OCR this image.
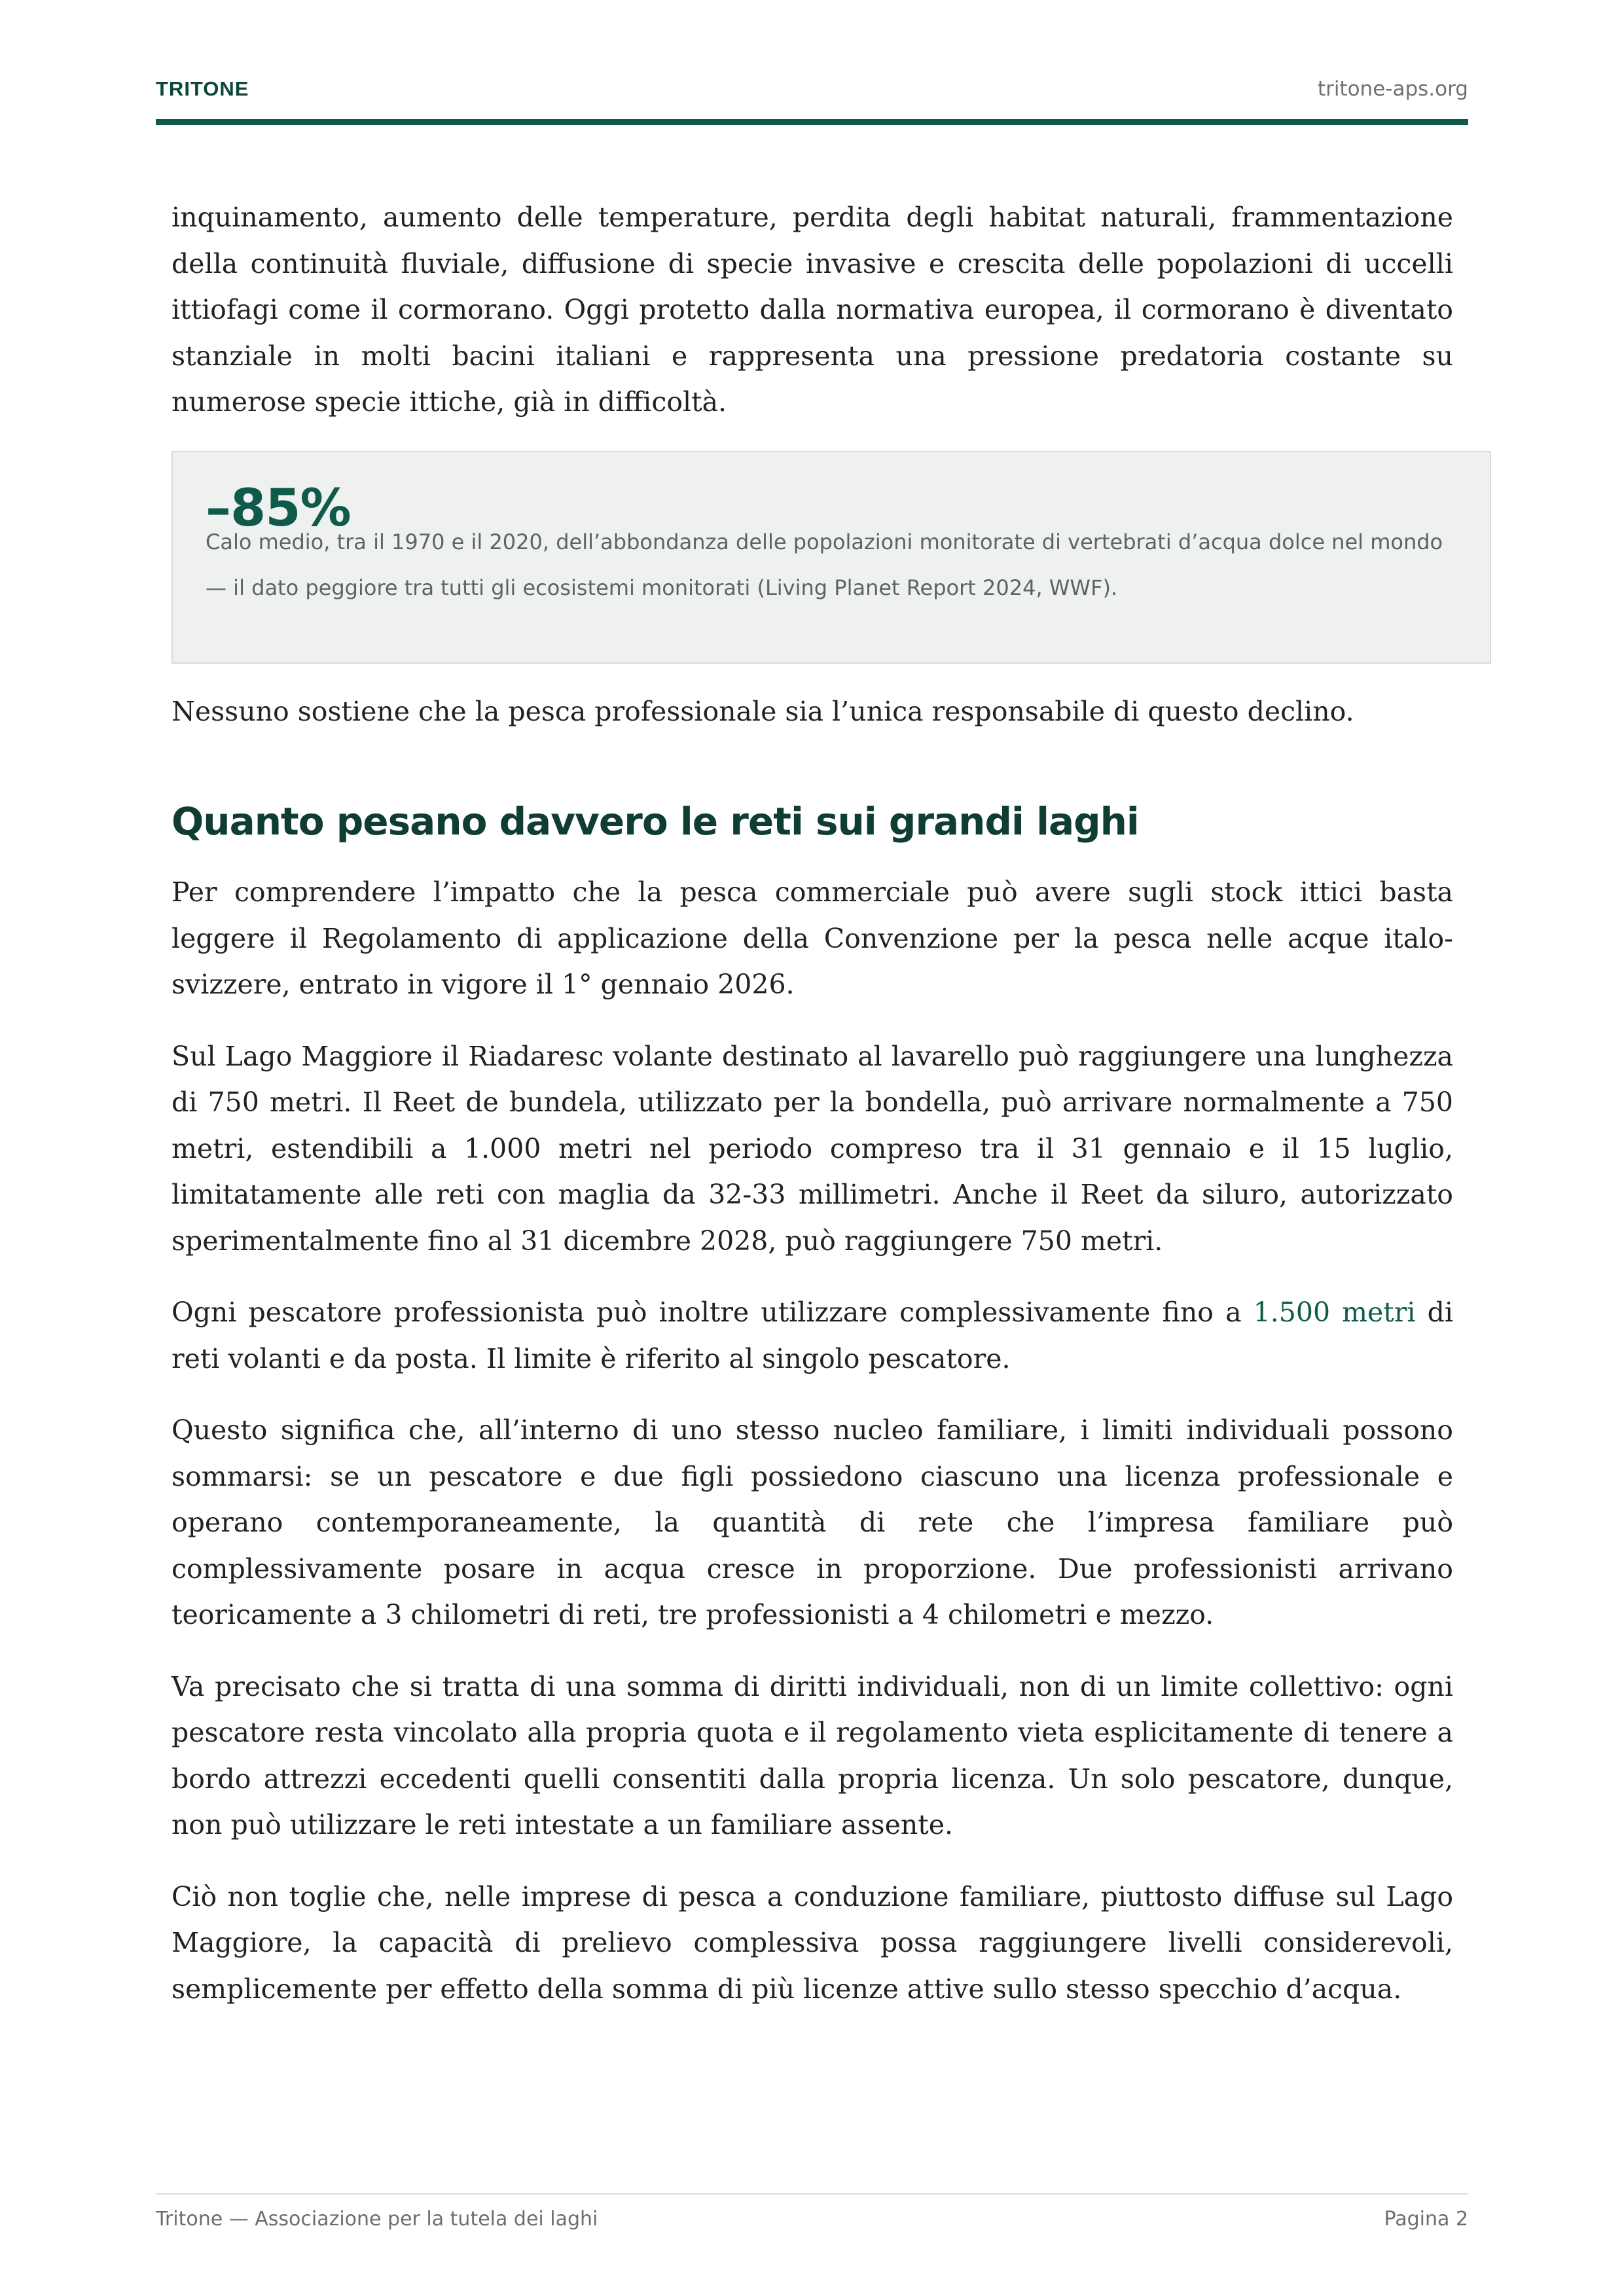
TRITONE	tritone-aps.org

inquinamento, aumento delle temperature, perdita degli habitat naturali, frammentazione della continuità fluviale, diffusione di specie invasive e crescita delle popolazioni di uccelli ittiofagi come il cormorano. Oggi protetto dalla normativa europea, il cormorano è diventato stanziale in molti bacini italiani e rappresenta una pressione predatoria costante su numerose specie ittiche, già in difficoltà.

–85%
Calo medio, tra il 1970 e il 2020, dell’abbondanza delle popolazioni monitorate di vertebrati d’acqua dolce nel mondo — il dato peggiore tra tutti gli ecosistemi monitorati (Living Planet Report 2024, WWF).

Nessuno sostiene che la pesca professionale sia l’unica responsabile di questo declino.

Quanto pesano davvero le reti sui grandi laghi

Per comprendere l’impatto che la pesca commerciale può avere sugli stock ittici basta leggere il Regolamento di applicazione della Convenzione per la pesca nelle acque italo-svizzere, entrato in vigore il 1° gennaio 2026.

Sul Lago Maggiore il Riadaresc volante destinato al lavarello può raggiungere una lunghezza di 750 metri. Il Reet de bundela, utilizzato per la bondella, può arrivare normalmente a 750 metri, estendibili a 1.000 metri nel periodo compreso tra il 31 gennaio e il 15 luglio, limitatamente alle reti con maglia da 32-33 millimetri. Anche il Reet da siluro, autorizzato sperimentalmente fino al 31 dicembre 2028, può raggiungere 750 metri.

Ogni pescatore professionista può inoltre utilizzare complessivamente fino a 1.500 metri di reti volanti e da posta. Il limite è riferito al singolo pescatore.

Questo significa che, all’interno di uno stesso nucleo familiare, i limiti individuali possono sommarsi: se un pescatore e due figli possiedono ciascuno una licenza professionale e operano contemporaneamente, la quantità di rete che l’impresa familiare può complessivamente posare in acqua cresce in proporzione. Due professionisti arrivano teoricamente a 3 chilometri di reti, tre professionisti a 4 chilometri e mezzo.

Va precisato che si tratta di una somma di diritti individuali, non di un limite collettivo: ogni pescatore resta vincolato alla propria quota e il regolamento vieta esplicitamente di tenere a bordo attrezzi eccedenti quelli consentiti dalla propria licenza. Un solo pescatore, dunque, non può utilizzare le reti intestate a un familiare assente.

Ciò non toglie che, nelle imprese di pesca a conduzione familiare, piuttosto diffuse sul Lago Maggiore, la capacità di prelievo complessiva possa raggiungere livelli considerevoli, semplicemente per effetto della somma di più licenze attive sullo stesso specchio d’acqua.

Tritone — Associazione per la tutela dei laghi	Pagina 2
